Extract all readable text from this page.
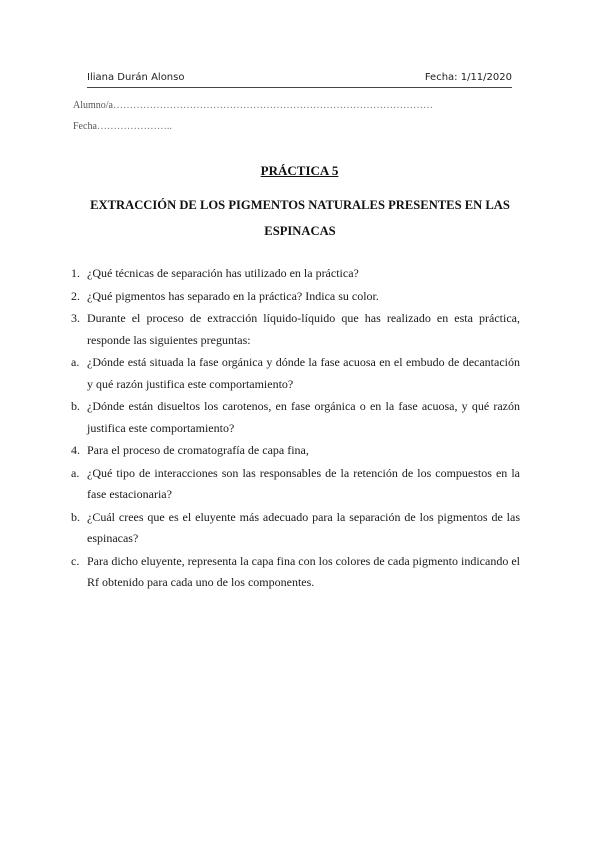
Iliana Durán Alonso	Fecha: 1/11/2020
Alumno/a……………………………………………………………………………………
Fecha…………………..
PRÁCTICA 5
EXTRACCIÓN DE LOS PIGMENTOS NATURALES PRESENTES EN LAS ESPINACAS
1. ¿Qué técnicas de separación has utilizado en la práctica?
2. ¿Qué pigmentos has separado en la práctica? Indica su color.
3. Durante el proceso de extracción líquido-líquido que has realizado en esta práctica, responde las siguientes preguntas:
a. ¿Dónde está situada la fase orgánica y dónde la fase acuosa en el embudo de decantación y qué razón justifica este comportamiento?
b. ¿Dónde están disueltos los carotenos, en fase orgánica o en la fase acuosa, y qué razón justifica este comportamiento?
4. Para el proceso de cromatografía de capa fina,
a. ¿Qué tipo de interacciones son las responsables de la retención de los compuestos en la fase estacionaria?
b. ¿Cuál crees que es el eluyente más adecuado para la separación de los pigmentos de las espinacas?
c. Para dicho eluyente, representa la capa fina con los colores de cada pigmento indicando el Rf obtenido para cada uno de los componentes.
